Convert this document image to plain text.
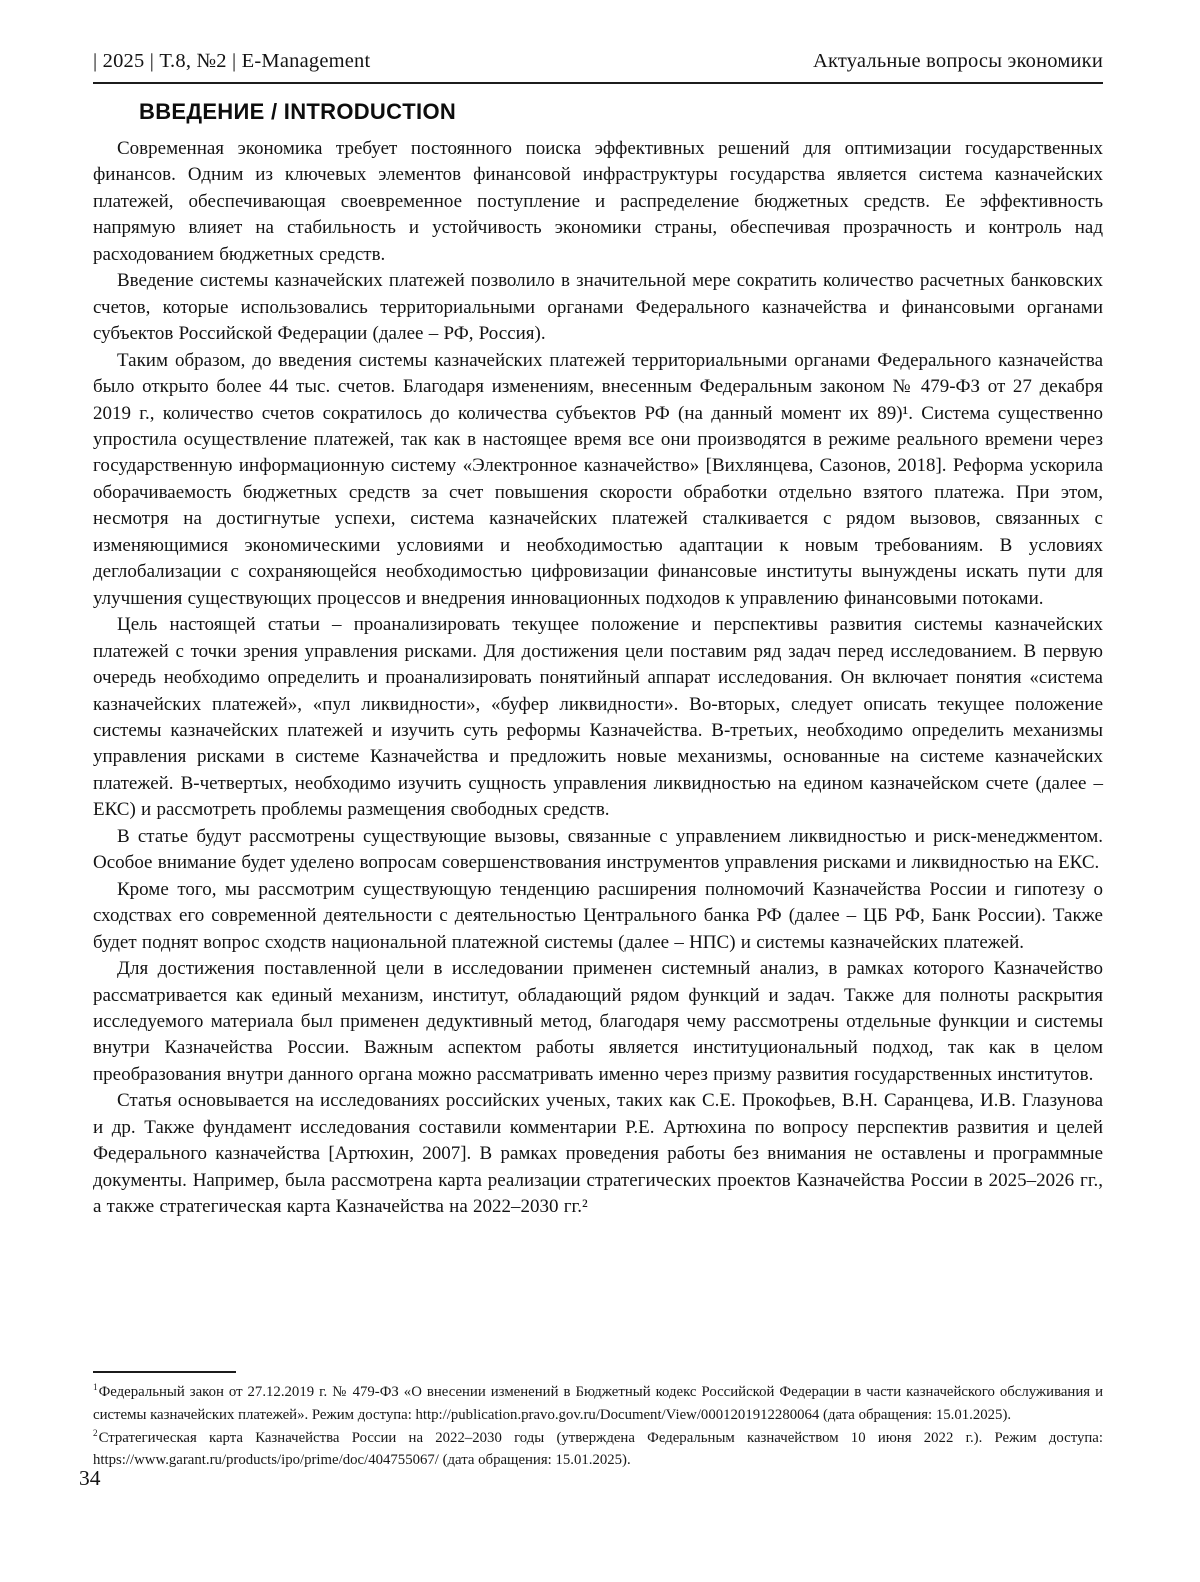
| 2025 | Т.8, №2 | E-Management	Актуальные вопросы экономики
ВВЕДЕНИЕ / INTRODUCTION

Современная экономика требует постоянного поиска эффективных решений для оптимизации государственных финансов. Одним из ключевых элементов финансовой инфраструктуры государства является система казначейских платежей, обеспечивающая своевременное поступление и распределение бюджетных средств. Ее эффективность напрямую влияет на стабильность и устойчивость экономики страны, обеспечивая прозрачность и контроль над расходованием бюджетных средств.

Введение системы казначейских платежей позволило в значительной мере сократить количество расчетных банковских счетов, которые использовались территориальными органами Федерального казначейства и финансовыми органами субъектов Российской Федерации (далее – РФ, Россия).

Таким образом, до введения системы казначейских платежей территориальными органами Федерального казначейства было открыто более 44 тыс. счетов. Благодаря изменениям, внесенным Федеральным законом № 479-ФЗ от 27 декабря 2019 г., количество счетов сократилось до количества субъектов РФ (на данный момент их 89)¹. Система существенно упростила осуществление платежей, так как в настоящее время все они производятся в режиме реального времени через государственную информационную систему «Электронное казначейство» [Вихлянцева, Сазонов, 2018]. Реформа ускорила оборачиваемость бюджетных средств за счет повышения скорости обработки отдельно взятого платежа. При этом, несмотря на достигнутые успехи, система казначейских платежей сталкивается с рядом вызовов, связанных с изменяющимися экономическими условиями и необходимостью адаптации к новым требованиям. В условиях деглобализации с сохраняющейся необходимостью цифровизации финансовые институты вынуждены искать пути для улучшения существующих процессов и внедрения инновационных подходов к управлению финансовыми потоками.

Цель настоящей статьи – проанализировать текущее положение и перспективы развития системы казначейских платежей с точки зрения управления рисками. Для достижения цели поставим ряд задач перед исследованием. В первую очередь необходимо определить и проанализировать понятийный аппарат исследования. Он включает понятия «система казначейских платежей», «пул ликвидности», «буфер ликвидности». Во-вторых, следует описать текущее положение системы казначейских платежей и изучить суть реформы Казначейства. В-третьих, необходимо определить механизмы управления рисками в системе Казначейства и предложить новые механизмы, основанные на системе казначейских платежей. В-четвертых, необходимо изучить сущность управления ликвидностью на едином казначейском счете (далее – ЕКС) и рассмотреть проблемы размещения свободных средств.

В статье будут рассмотрены существующие вызовы, связанные с управлением ликвидностью и риск-менеджментом. Особое внимание будет уделено вопросам совершенствования инструментов управления рисками и ликвидностью на ЕКС.

Кроме того, мы рассмотрим существующую тенденцию расширения полномочий Казначейства России и гипотезу о сходствах его современной деятельности с деятельностью Центрального банка РФ (далее – ЦБ РФ, Банк России). Также будет поднят вопрос сходств национальной платежной системы (далее – НПС) и системы казначейских платежей.

Для достижения поставленной цели в исследовании применен системный анализ, в рамках которого Казначейство рассматривается как единый механизм, институт, обладающий рядом функций и задач. Также для полноты раскрытия исследуемого материала был применен дедуктивный метод, благодаря чему рассмотрены отдельные функции и системы внутри Казначейства России. Важным аспектом работы является институциональный подход, так как в целом преобразования внутри данного органа можно рассматривать именно через призму развития государственных институтов.

Статья основывается на исследованиях российских ученых, таких как С.Е. Прокофьев, В.Н. Саранцева, И.В. Глазунова и др. Также фундамент исследования составили комментарии Р.Е. Артюхина по вопросу перспектив развития и целей Федерального казначейства [Артюхин, 2007]. В рамках проведения работы без внимания не оставлены и программные документы. Например, была рассмотрена карта реализации стратегических проектов Казначейства России в 2025–2026 гг., а также стратегическая карта Казначейства на 2022–2030 гг.²

$^1$Федеральный закон от 27.12.2019 г. № 479-ФЗ «О внесении изменений в Бюджетный кодекс Российской Федерации в части казначейского обслуживания и системы казначейских платежей». Режим доступа: http://publication.pravo.gov.ru/Document/View/0001201912280064 (дата обращения: 15.01.2025).
$^2$Стратегическая карта Казначейства России на 2022–2030 годы (утверждена Федеральным казначейством 10 июня 2022 г.). Режим доступа: https://www.garant.ru/products/ipo/prime/doc/404755067/ (дата обращения: 15.01.2025).
34
